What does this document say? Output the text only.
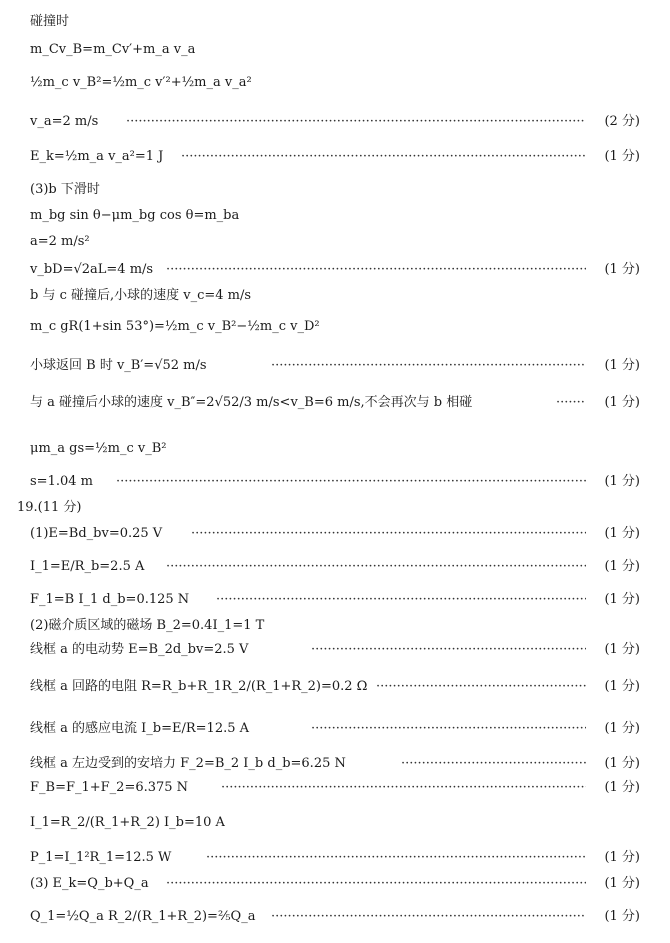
碰撞时
m_Cv_B=m_Cv′+m_a v_a
½m_c v_B²=½m_c v′²+½m_a v_a²
v_a=2 m/s ·····	(2 分)
E_k=½m_a v_a²=1 J ·····	(1 分)
(3)b 下滑时
m_bg sin θ−μm_bg cos θ=m_ba
a=2 m/s²
v_bD=√2aL=4 m/s ·····	(1 分)
b 与 c 碰撞后,小球的速度 v_c=4 m/s
m_c gR(1+sin 53°)=½m_c v_B²−½m_c v_D²
小球返回 B 时 v_B′=√52 m/s ·····	(1 分)
与 a 碰撞后小球的速度 v_B″=2√52/3 m/s<v_B=6 m/s,不会再次与 b 相碰 ·····	(1 分)
μm_a gs=½m_c v_B²
s=1.04 m ·····	(1 分)
19.(11 分)
(1)E=Bd_bv=0.25 V ·····	(1 分)
I_1=E/R_b=2.5 A ·····	(1 分)
F_1=B I_1 d_b=0.125 N ·····	(1 分)
(2)磁介质区域的磁场 B_2=0.4I_1=1 T
线框 a 的电动势 E=B_2d_bv=2.5 V ·····	(1 分)
线框 a 回路的电阻 R=R_b+R_1R_2/(R_1+R_2)=0.2 Ω ·····	(1 分)
线框 a 的感应电流 I_b=E/R=12.5 A ·····	(1 分)
线框 a 左边受到的安培力 F_2=B_2 I_b d_b=6.25 N ·····	(1 分)
F_B=F_1+F_2=6.375 N ·····	(1 分)
I_1=R_2/(R_1+R_2) I_b=10 A
P_1=I_1²R_1=12.5 W ·····	(1 分)
(3) E_k=Q_b+Q_a ·····	(1 分)
Q_1=½Q_a R_2/(R_1+R_2)=⅖Q_a ·····	(1 分)
